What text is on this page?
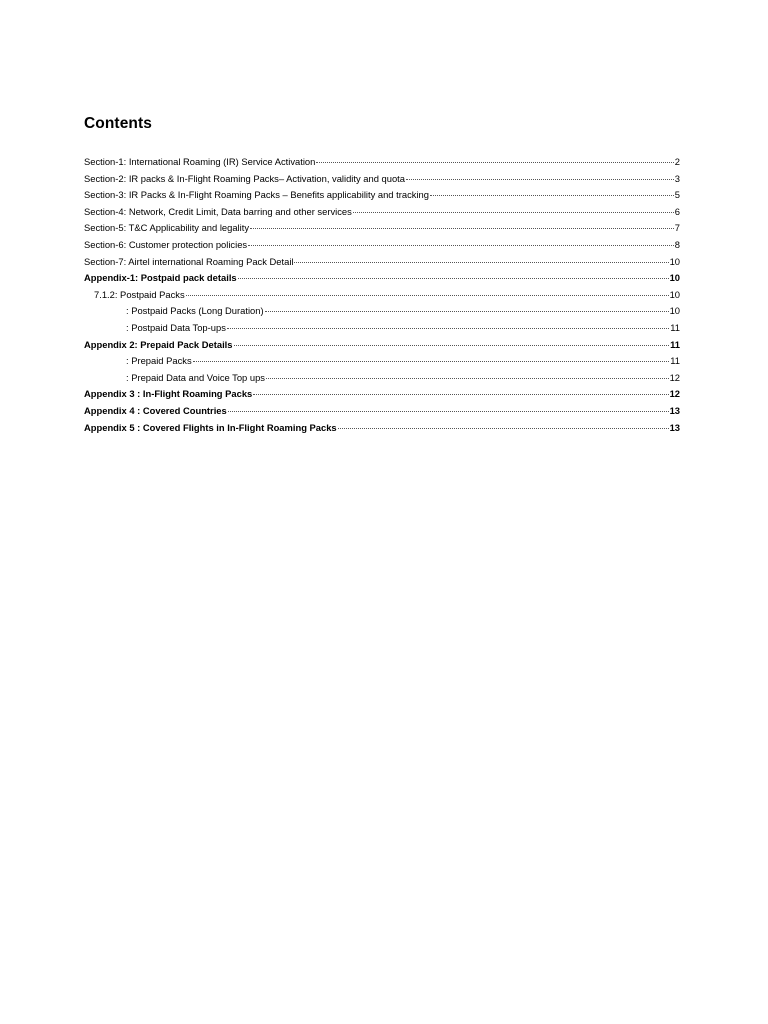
Contents
Section-1: International Roaming (IR) Service Activation	2
Section-2: IR packs & In-Flight Roaming Packs– Activation, validity and quota	3
Section-3: IR Packs & In-Flight Roaming Packs – Benefits applicability and tracking	5
Section-4: Network, Credit Limit, Data barring and other services	6
Section-5: T&C Applicability and legality	7
Section-6: Customer protection policies	8
Section-7: Airtel international Roaming Pack Detail	10
Appendix-1: Postpaid pack details	10
7.1.2: Postpaid Packs	10
: Postpaid Packs (Long Duration)	10
: Postpaid Data Top-ups	11
Appendix 2: Prepaid Pack Details	11
: Prepaid Packs	11
: Prepaid Data and Voice Top ups	12
Appendix 3 : In-Flight Roaming Packs	12
Appendix 4 : Covered Countries	13
Appendix 5 : Covered Flights in In-Flight Roaming Packs	13
